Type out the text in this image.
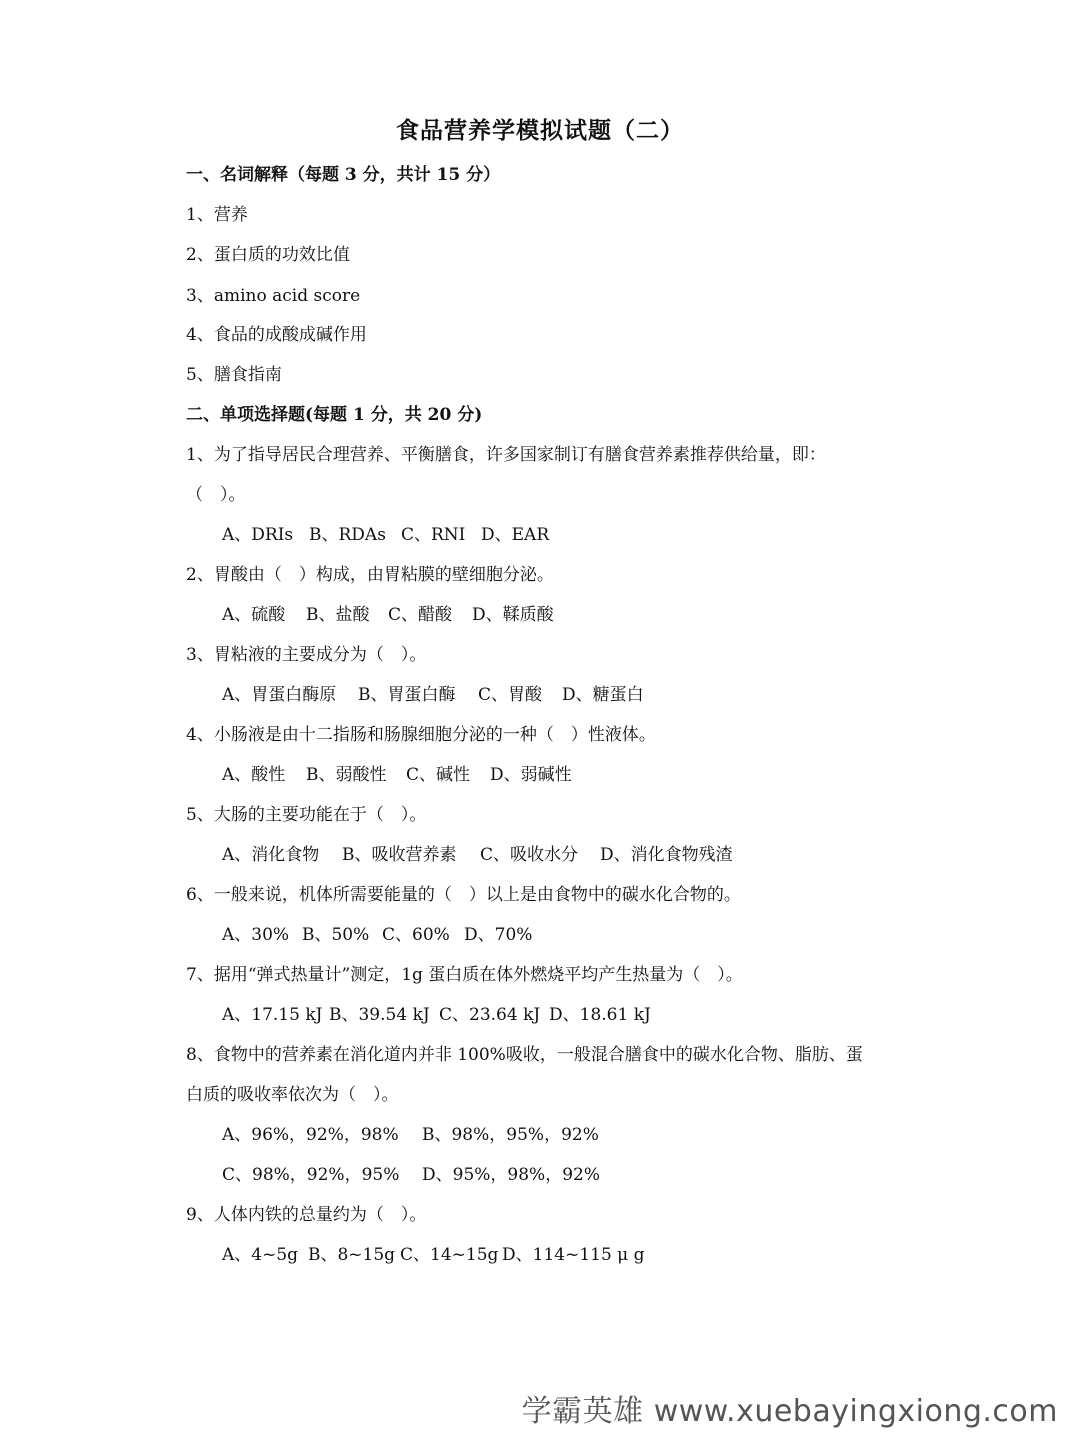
食品营养学模拟试题（二）
一、名词解释（每题 3 分，共计 15 分）
1、营养
2、蛋白质的功效比值
3、amino acid score
4、食品的成酸成碱作用
5、膳食指南
二、单项选择题(每题 1 分，共 20 分)
1、为了指导居民合理营养、平衡膳食，许多国家制订有膳食营养素推荐供给量，即：
（　）。
A、DRIs B、RDAs C、RNI D、EAR
2、胃酸由（　）构成，由胃粘膜的壁细胞分泌。
A、硫酸 B、盐酸 C、醋酸 D、鞣质酸
3、胃粘液的主要成分为（　）。
A、胃蛋白酶原 B、胃蛋白酶 C、胃酸 D、糖蛋白
4、小肠液是由十二指肠和肠腺细胞分泌的一种（　）性液体。
A、酸性 B、弱酸性 C、碱性 D、弱碱性
5、大肠的主要功能在于（　）。
A、消化食物 B、吸收营养素 C、吸收水分 D、消化食物残渣
6、一般来说，机体所需要能量的（　）以上是由食物中的碳水化合物的。
A、30% B、50% C、60% D、70%
7、据用“弹式热量计”测定，1g 蛋白质在体外燃烧平均产生热量为（　）。
A、17.15 kJ B、39.54 kJ C、23.64 kJ D、18.61 kJ
8、食物中的营养素在消化道内并非 100%吸收，一般混合膳食中的碳水化合物、脂肪、蛋
白质的吸收率依次为（　）。
A、96%，92%，98% B、98%，95%，92%
C、98%，92%，95% D、95%，98%，92%
9、人体内铁的总量约为（　）。
A、4~5g B、8~15g C、14~15g D、114~115 μ g
学霸英雄 www.xuebayingxiong.com
